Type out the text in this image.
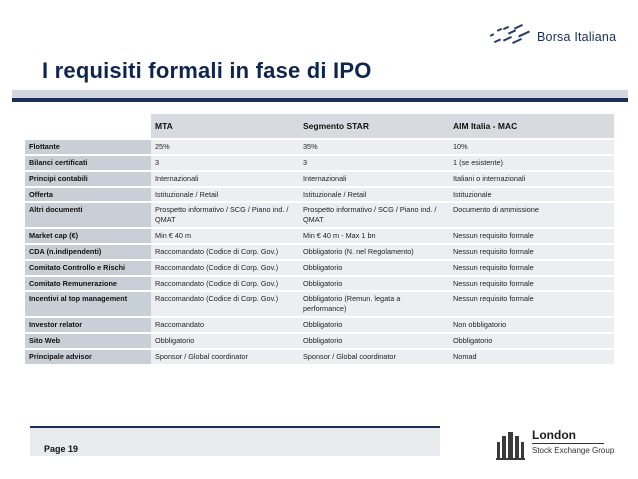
Borsa Italiana
I requisiti formali in fase di IPO
	MTA	Segmento STAR	AIM Italia - MAC
Flottante	25%	35%	10%
Bilanci certificati	3	3	1 (se esistente)
Principi contabili	Internazionali	Internazionali	Italiani o internazionali
Offerta	Istituzionale / Retail	Istituzionale / Retail	Istituzionale
Altri documenti	Prospetto informativo / SCG / Piano ind. / QMAT	Prospetto informativo / SCG / Piano ind. / QMAT	Documento di ammissione
Market cap (€)	Min € 40 m	Min € 40 m - Max 1 bn	Nessun requisito formale
CDA (n.indipendenti)	Raccomandato (Codice di Corp. Gov.)	Obbligatorio (N. nel Regolamento)	Nessun requisito formale
Comitato Controllo e Rischi	Raccomandato (Codice di Corp. Gov.)	Obbligatorio	Nessun requisito formale
Comitato Remunerazione	Raccomandato (Codice di Corp. Gov.)	Obbligatorio	Nessun requisito formale
Incentivi al top management	Raccomandato (Codice di Corp. Gov.)	Obbligatorio (Remun. legata a performance)	Nessun requisito formale
Investor relator	Raccomandato	Obbligatorio	Non obbligatorio
Sito Web	Obbligatorio	Obbligatorio	Obbligatorio
Principale advisor	Sponsor / Global coordinator	Sponsor / Global coordinator	Nomad
Page 19
London
Stock Exchange Group
